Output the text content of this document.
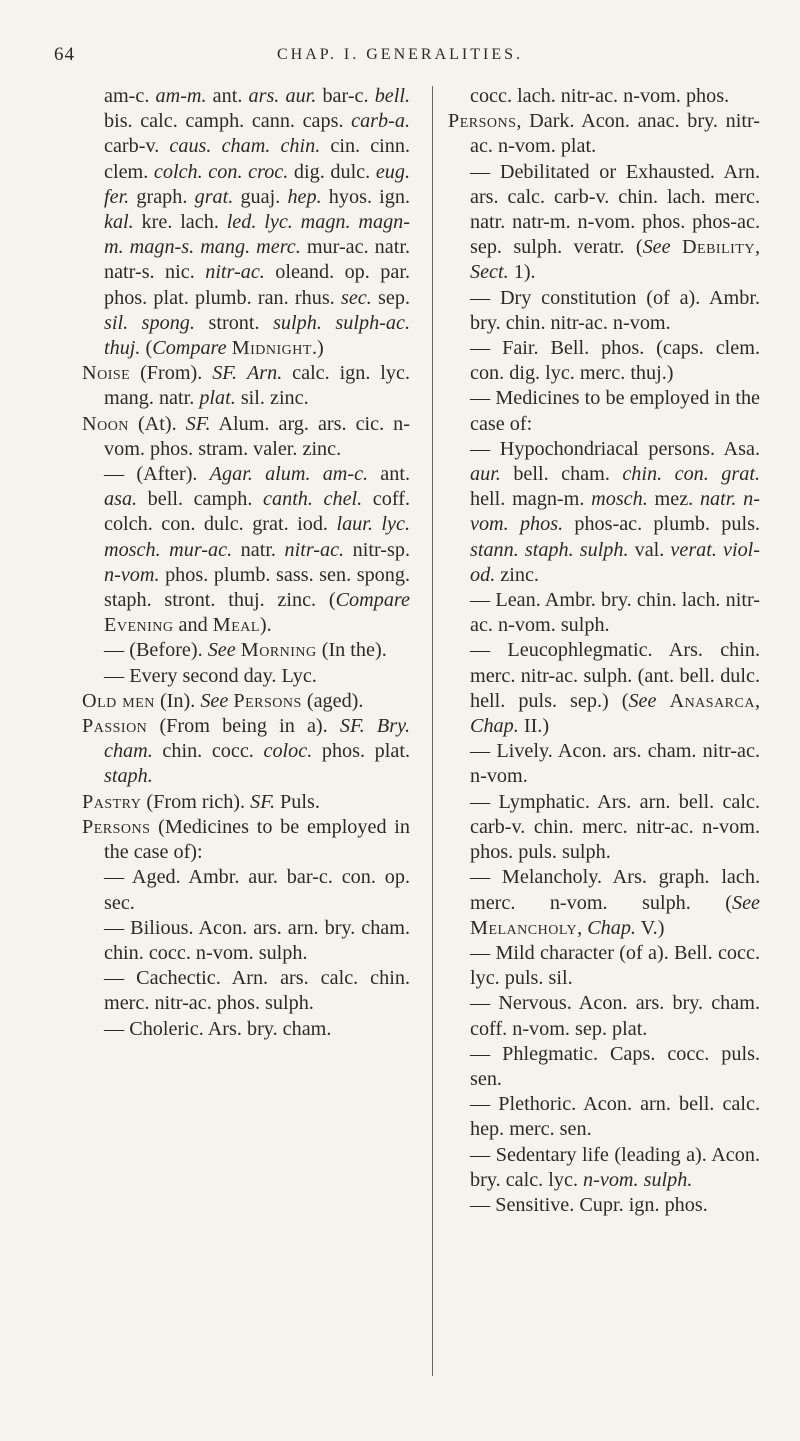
64	CHAP. I. GENERALITIES.

am-c. am-m. ant. ars. aur. bar-c. bell. bis. calc. camph. cann. caps. carb-a. carb-v. caus. cham. chin. cin. cinn. clem. colch. con. croc. dig. dulc. eug. fer. graph. grat. guaj. hep. hyos. ign. kal. kre. lach. led. lyc. magn. magn-m. magn-s. mang. merc. mur-ac. natr. natr-s. nic. nitr-ac. oleand. op. par. phos. plat. plumb. ran. rhus. sec. sep. sil. spong. stront. sulph. sulph-ac. thuj. (Compare Midnight.)

Noise (From). SF. Arn. calc. ign. lyc. mang. natr. plat. sil. zinc.

Noon (At). SF. Alum. arg. ars. cic. n-vom. phos. stram. valer. zinc.

— (After). Agar. alum. am-c. ant. asa. bell. camph. canth. chel. coff. colch. con. dulc. grat. iod. laur. lyc. mosch. mur-ac. natr. nitr-ac. nitr-sp. n-vom. phos. plumb. sass. sen. spong. staph. stront. thuj. zinc. (Compare Evening and Meal).

— (Before). See Morning (In the).

— Every second day. Lyc.

Old men (In). See Persons (aged).

Passion (From being in a). SF. Bry. cham. chin. cocc. coloc. phos. plat. staph.

Pastry (From rich). SF. Puls.

Persons (Medicines to be employed in the case of):

— Aged. Ambr. aur. bar-c. con. op. sec.

— Bilious. Acon. ars. arn. bry. cham. chin. cocc. n-vom. sulph.

— Cachectic. Arn. ars. calc. chin. merc. nitr-ac. phos. sulph.

— Choleric. Ars. bry. cham.

cocc. lach. nitr-ac. n-vom. phos.

Persons, Dark. Acon. anac. bry. nitr-ac. n-vom. plat.

— Debilitated or Exhausted. Arn. ars. calc. carb-v. chin. lach. merc. natr. natr-m. n-vom. phos. phos-ac. sep. sulph. veratr. (See Debility, Sect. 1).

— Dry constitution (of a). Ambr. bry. chin. nitr-ac. n-vom.

— Fair. Bell. phos. (caps. clem. con. dig. lyc. merc. thuj.)

— Medicines to be employed in the case of:

— Hypochondriacal persons. Asa. aur. bell. cham. chin. con. grat. hell. magn-m. mosch. mez. natr. n-vom. phos. phos-ac. plumb. puls. stann. staph. sulph. val. verat. viol-od. zinc.

— Lean. Ambr. bry. chin. lach. nitr-ac. n-vom. sulph.

— Leucophlegmatic. Ars. chin. merc. nitr-ac. sulph. (ant. bell. dulc. hell. puls. sep.) (See Anasarca, Chap. II.)

— Lively. Acon. ars. cham. nitr-ac. n-vom.

— Lymphatic. Ars. arn. bell. calc. carb-v. chin. merc. nitr-ac. n-vom. phos. puls. sulph.

— Melancholy. Ars. graph. lach. merc. n-vom. sulph. (See Melancholy, Chap. V.)

— Mild character (of a). Bell. cocc. lyc. puls. sil.

— Nervous. Acon. ars. bry. cham. coff. n-vom. sep. plat.

— Phlegmatic. Caps. cocc. puls. sen.

— Plethoric. Acon. arn. bell. calc. hep. merc. sen.

— Sedentary life (leading a). Acon. bry. calc. lyc. n-vom. sulph.

— Sensitive. Cupr. ign. phos.
